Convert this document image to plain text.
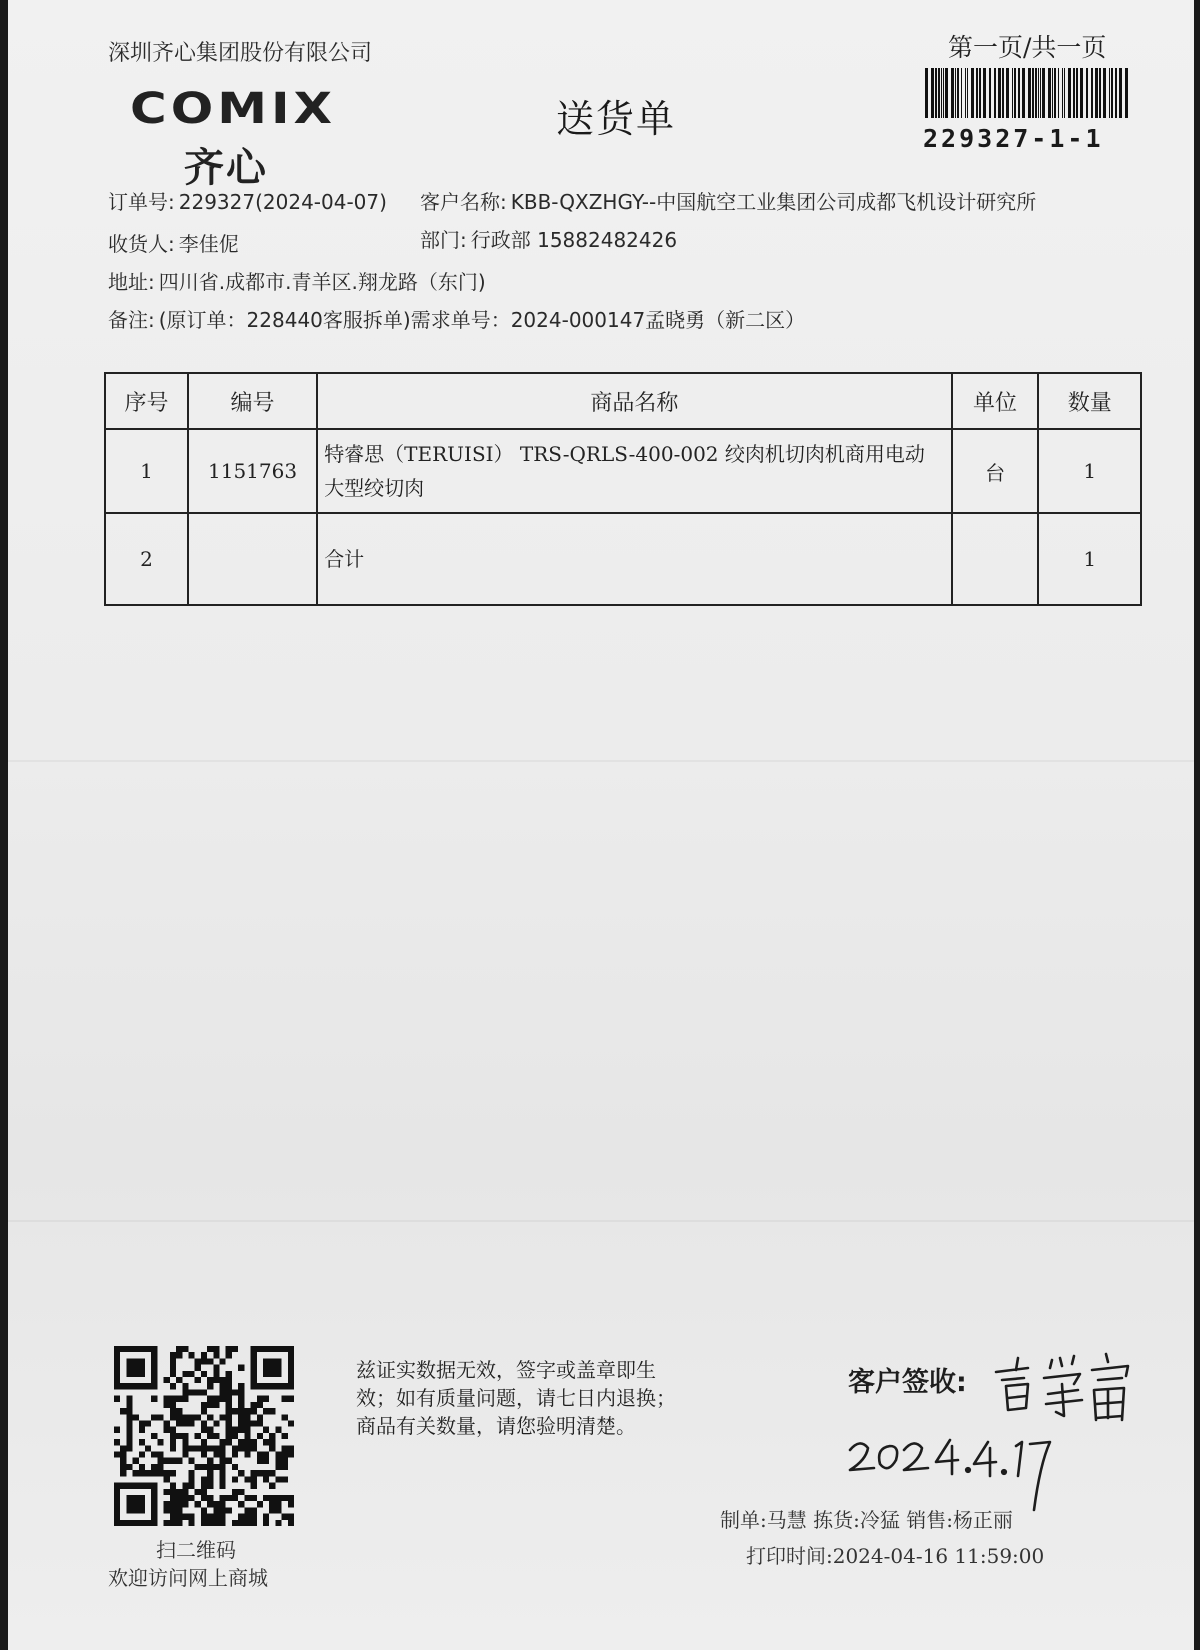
深圳齐心集团股份有限公司
COMIX
齐心
送货单
第一页/共一页
229327-1-1
订单号: 229327(2024-04-07) 客户名称: KBB-QXZHGY--中国航空工业集团公司成都飞机设计研究所
收货人: 李佳伲	部门: 行政部 15882482426
地址: 四川省.成都市.青羊区.翔龙路（东门)
备注: (原订单：228440客服拆单)需求单号：2024-000147孟晓勇（新二区）
序号	编号	商品名称	单位	数量
1	1151763	特睿思（TERUISI） TRS-QRLS-400-002 绞肉机切肉机商用电动大型绞切肉	台	1
2		合计		1
扫二维码
欢迎访问网上商城
兹证实数据无效，签字或盖章即生
效；如有质量问题，请七日内退换；
商品有关数量，请您验明清楚。
客户签收:
制单:马慧 拣货:冷猛 销售:杨正丽
打印时间:2024-04-16 11:59:00
